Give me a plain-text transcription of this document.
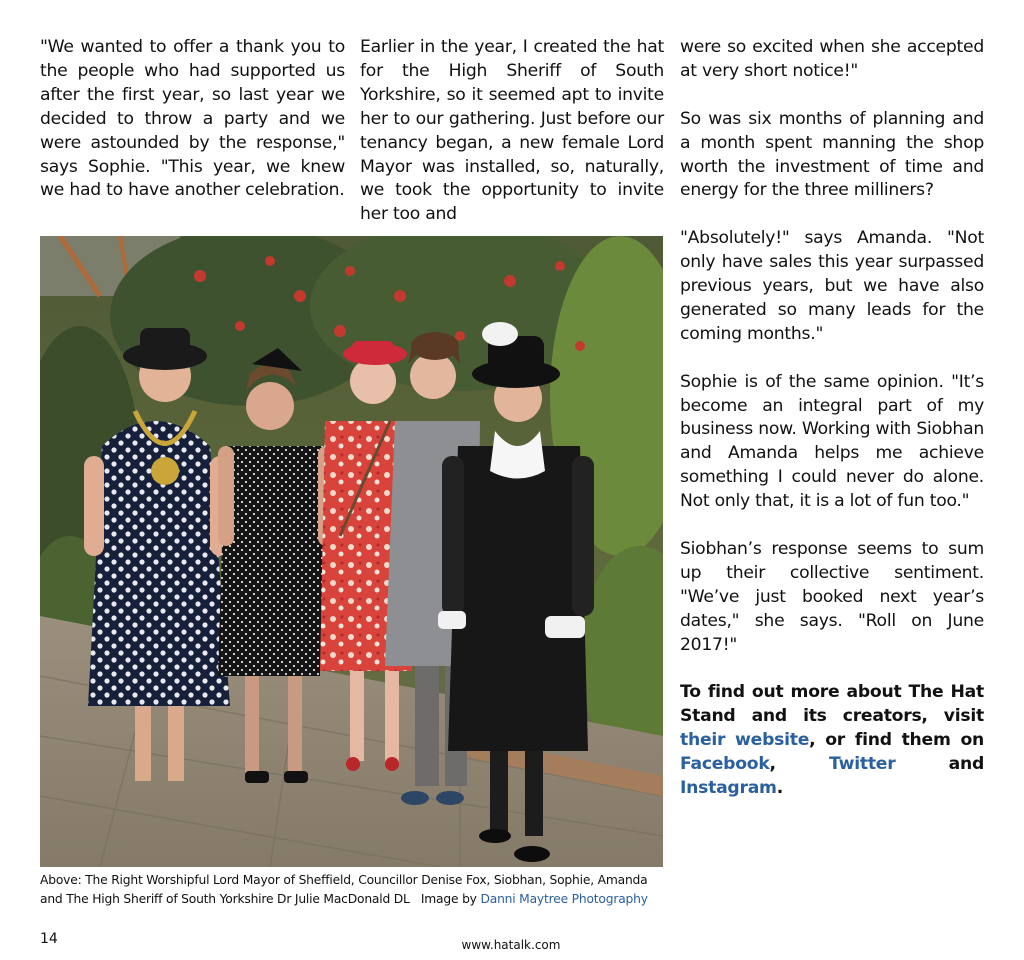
"We wanted to offer a thank you to the people who had supported us after the first year, so last year we decided to throw a party and we were astounded by the response," says Sophie. "This year, we knew we had to have another celebration.

Earlier in the year, I created the hat for the High Sheriff of South Yorkshire, so it seemed apt to invite her to our gathering. Just before our tenancy began, a new female Lord Mayor was installed, so, naturally, we took the opportunity to invite her too and

were so excited when she accepted at very short notice!"

So was six months of planning and a month spent manning the shop worth the investment of time and energy for the three milliners?

"Absolutely!" says Amanda. "Not only have sales this year surpassed previous years, but we have also generated so many leads for the coming months."

Sophie is of the same opinion. "It’s become an integral part of my business now. Working with Siobhan and Amanda helps me achieve something I could never do alone. Not only that, it is a lot of fun too."

Siobhan’s response seems to sum up their collective sentiment. "We’ve just booked next year’s dates," she says. "Roll on June 2017!"

To find out more about The Hat Stand and its creators, visit their website, or find them on Facebook, Twitter and Instagram.

Above: The Right Worshipful Lord Mayor of Sheffield, Councillor Denise Fox, Siobhan, Sophie, Amanda and The High Sheriff of South Yorkshire Dr Julie MacDonald DL Image by Danni Maytree Photography
14	www.hatalk.com
